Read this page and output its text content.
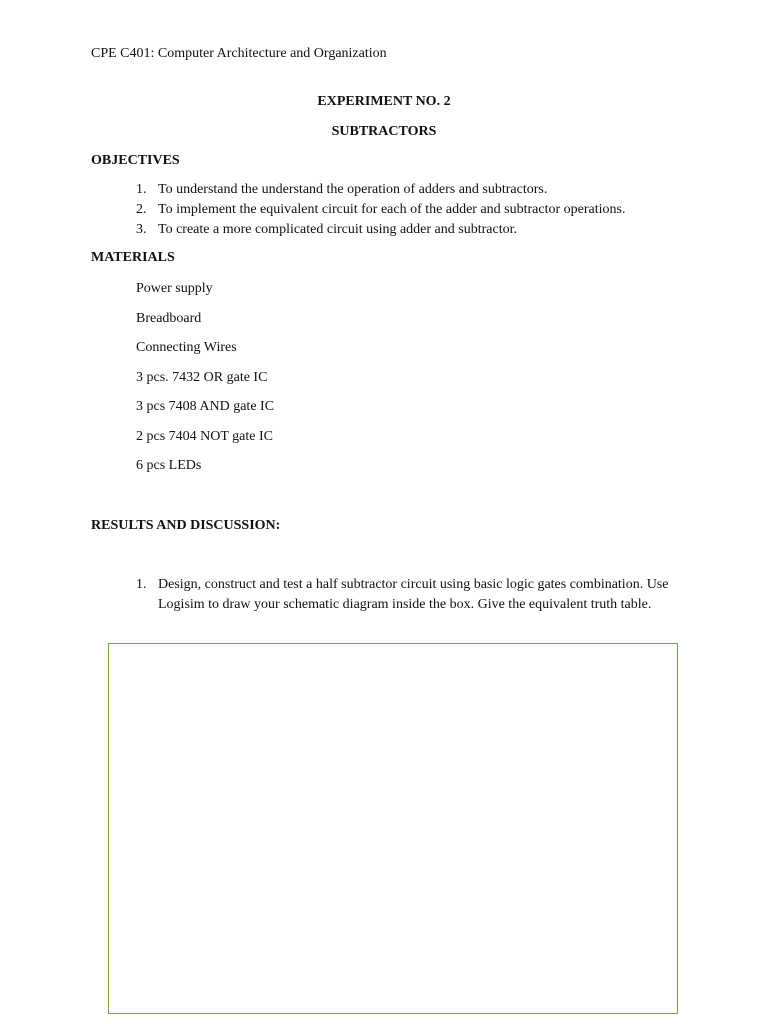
CPE C401: Computer Architecture and Organization
EXPERIMENT NO. 2
SUBTRACTORS
OBJECTIVES
1. To understand the understand the operation of adders and subtractors.
2. To implement the equivalent circuit for each of the adder and subtractor operations.
3. To create a more complicated circuit using adder and subtractor.
MATERIALS
Power supply
Breadboard
Connecting Wires
3 pcs. 7432 OR gate IC
3 pcs 7408 AND gate IC
2 pcs 7404 NOT gate IC
6 pcs LEDs
RESULTS AND DISCUSSION:
1. Design, construct and test a half subtractor circuit using basic logic gates combination. Use Logisim to draw your schematic diagram inside the box. Give the equivalent truth table.
